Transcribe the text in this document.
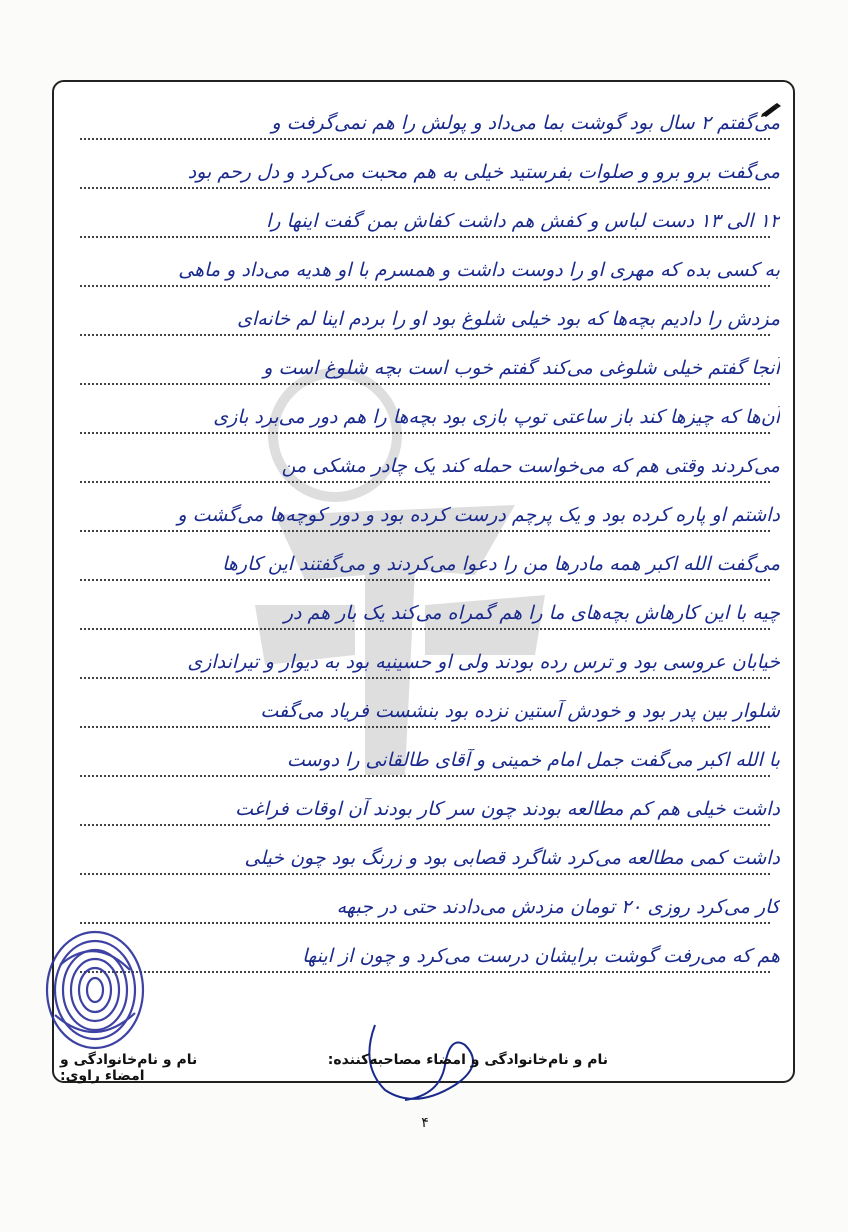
می‌گفتم ۲ سال بود گوشت بما می‌داد و پولش را هم نمی‌گرفت و
می‌گفت برو برو و صلوات بفرستید خیلی به هم محبت می‌کرد و دل رحم بود
۱۲ الی ۱۳ دست لباس و کفش هم داشت کفاش بمن گفت اینها را
به کسی بده که مهری او را دوست داشت و همسرم با او هدیه می‌داد و ماهی
مزدش را دادیم بچه‌ها که بود خیلی شلوغ بود او را بردم اینا لم خانه‌ای
آنجا گفتم خیلی شلوغی می‌کند گفتم خوب است بچه شلوغ است و
آن‌ها که چیزها کند باز ساعتی توپ بازی بود بچه‌ها را هم دور می‌برد بازی
می‌کردند وقتی هم که می‌خواست حمله کند یک چادر مشکی من
داشتم او پاره کرده بود و یک پرچم درست کرده بود و دور کوچه‌ها می‌گشت و
می‌گفت الله اکبر همه مادرها من را دعوا می‌کردند و می‌گفتند این کارها
چیه با این کارهاش بچه‌های ما را هم گمراه می‌کند یک بار هم در
خیابان عروسی بود و ترس رده بودند ولی او حسینیه بود به دیوار و تیراندازی
شلوار بین پدر بود و خودش آستین نزده بود بنشست فریاد می‌گفت
با الله اکبر می‌گفت جمل امام خمینی و آقای طالقانی را دوست
داشت خیلی هم کم مطالعه بودند چون سر کار بودند آن اوقات فراغت
داشت کمی مطالعه می‌کرد شاگرد قصابی بود و زرنگ بود چون خیلی
کار می‌کرد روزی ۲۰ تومان مزدش می‌دادند حتی در جبهه
هم که می‌رفت گوشت برایشان درست می‌کرد و چون از اینها
نام و نام‌خانوادگی و امضاء مصاحبه‌کننده:
نام و نام‌خانوادگی و امضاء راوی:
۴
